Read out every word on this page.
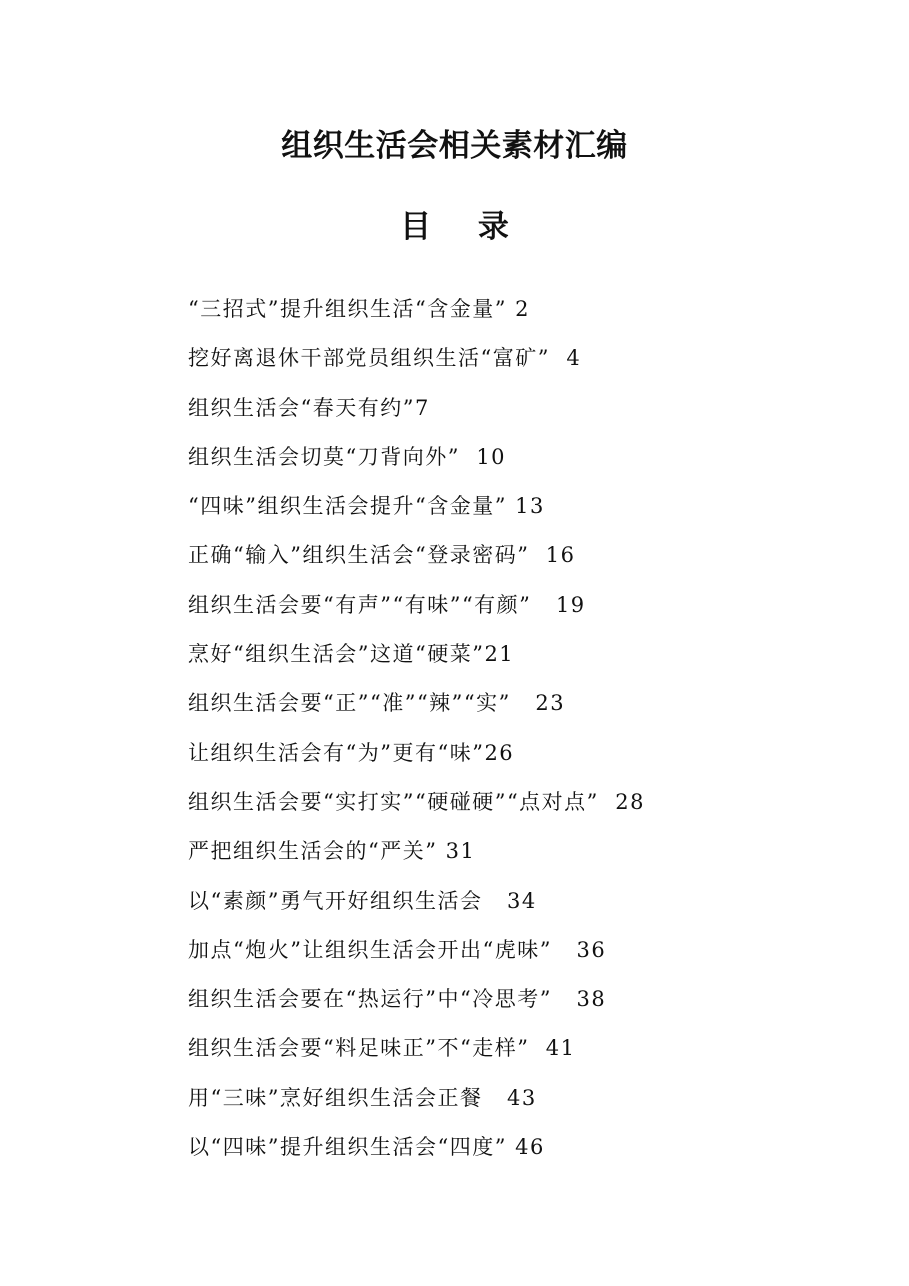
组织生活会相关素材汇编
目 录
“三招式”提升组织生活“含金量” 2
挖好离退休干部党员组织生活“富矿”  4
组织生活会“春天有约”7
组织生活会切莫“刀背向外”  10
“四味”组织生活会提升“含金量” 13
正确“输入”组织生活会“登录密码”  16
组织生活会要“有声”“有味”“有颜”   19
烹好“组织生活会”这道“硬菜”21
组织生活会要“正”“准”“辣”“实”   23
让组织生活会有“为”更有“味”26
组织生活会要“实打实”“硬碰硬”“点对点”  28
严把组织生活会的“严关” 31
以“素颜”勇气开好组织生活会   34
加点“炮火”让组织生活会开出“虎味”   36
组织生活会要在“热运行”中“冷思考”   38
组织生活会要“料足味正”不“走样”  41
用“三味”烹好组织生活会正餐   43
以“四味”提升组织生活会“四度” 46
